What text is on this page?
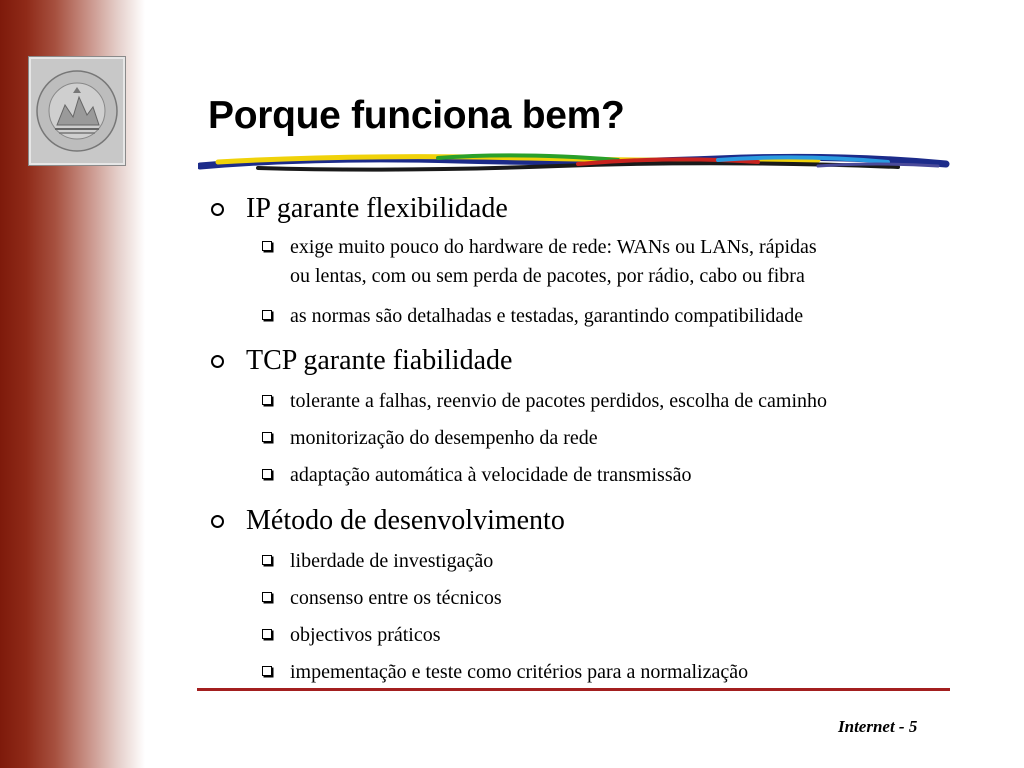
Porque funciona bem?
IP garante flexibilidade
exige muito pouco do hardware de rede: WANs ou LANs, rápidas
ou lentas, com ou sem perda de pacotes, por rádio, cabo ou fibra
as normas são detalhadas e testadas, garantindo compatibilidade
TCP garante fiabilidade
tolerante a falhas, reenvio de pacotes perdidos, escolha de caminho
monitorização do desempenho da rede
adaptação automática à velocidade de transmissão
Método de desenvolvimento
liberdade de investigação
consenso entre os técnicos
objectivos práticos
impementação e teste como critérios para a normalização
Internet - 5
